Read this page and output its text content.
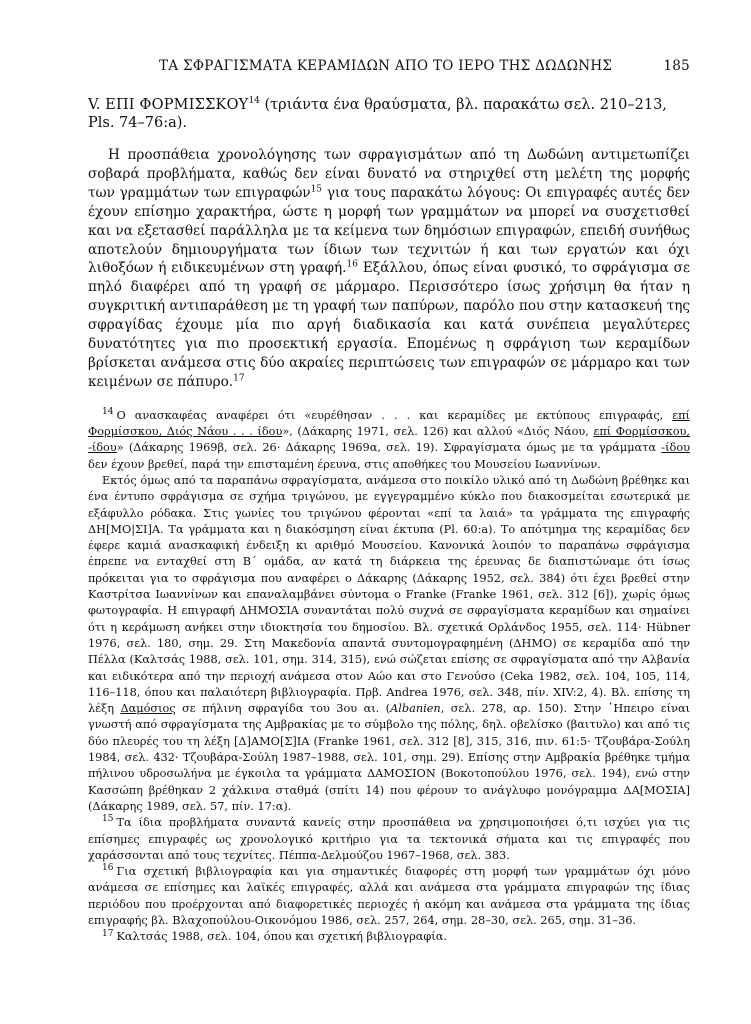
ΤΑ ΣΦΡΑΓΙΣΜΑΤΑ ΚΕΡΑΜΙΔΩΝ ΑΠΟ ΤΟ ΙΕΡΟ ΤΗΣ ΔΩΔΩΝΗΣ	185
V. ΕΠΙ ΦΟΡΜΙΣΣΚΟΥ$^{14}$ (τριάντα ένα θραύσματα, βλ. παρακάτω σελ. 210–213, Pls. 74–76:a).

Η προσπάθεια χρονολόγησης των σφραγισμάτων από τη Δωδώνη αντιμετωπίζει σοβαρά προβλήματα, καθώς δεν είναι δυνατό να στηριχθεί στη μελέτη της μορφής των γραμμάτων των επιγραφών$^{15}$ για τους παρακάτω λόγους: Οι επιγραφές αυτές δεν έχουν επίσημο χαρακτήρα, ώστε η μορφή των γραμμάτων να μπορεί να συσχετισθεί και να εξετασθεί παράλληλα με τα κείμενα των δημόσιων επιγραφών, επειδή συνήθως αποτελούν δημιουργήματα των ίδιων των τεχνιτών ή και των εργατών και όχι λιθοξόων ή ειδικευμένων στη γραφή.$^{16}$ Εξάλλου, όπως είναι φυσικό, το σφράγισμα σε πηλό διαφέρει από τη γραφή σε μάρμαρο. Περισσότερο ίσως χρήσιμη θα ήταν η συγκριτική αντιπαράθεση με τη γραφή των παπύρων, παρόλο που στην κατασκευή της σφραγίδας έχουμε μία πιο αργή διαδικασία και κατά συνέπεια μεγαλύτερες δυνατότητες για πιο προσεκτική εργασία. Επομένως η σφράγιση των κεραμίδων βρίσκεται ανάμεσα στις δύο ακραίες περιπτώσεις των επιγραφών σε μάρμαρο και των κειμένων σε πάπυρο.$^{17}$

$^{14}$ Ο ανασκαφέας αναφέρει ότι «ευρέθησαν . . . και κεραμίδες με εκτύπους επιγραφάς, επί Φορμίσσκου, Διός Νάου . . . ίδου», (Δάκαρης 1971, σελ. 126) και αλλού «Διός Νάου, επί Φορμίσσκου, -ίδου» (Δάκαρης 1969β, σελ. 26· Δάκαρης 1969α, σελ. 19). Σφραγίσματα όμως με τα γράμματα -ίδου δεν έχουν βρεθεί, παρά την επισταμένη έρευνα, στις αποθήκες του Μουσείου Ιωαννίνων.

Εκτός όμως από τα παραπάνω σφραγίσματα, ανάμεσα στο ποικίλο υλικό από τη Δωδώνη βρέθηκε και ένα έντυπο σφράγισμα σε σχήμα τριγώνου, με εγγεγραμμένο κύκλο που διακοσμείται εσωτερικά με εξάφυλλο ρόδακα. Στις γωνίες του τριγώνου φέρονται «επί τα λαιά» τα γράμματα της επιγραφής ΔΗ[ΜΟ|ΣΙ]Α. Τα γράμματα και η διακόσμηση είναι έκτυπα (Pl. 60:a). Το απότμημα της κεραμίδας δεν έφερε καμιά ανασκαφική ένδειξη κι αριθμό Μουσείου. Κανονικά λοιπόν το παραπάνω σφράγισμα έπρεπε να ενταχθεί στη Β΄ ομάδα, αν κατά τη διάρκεια της έρευνας δε διαπιστώναμε ότι ίσως πρόκειται για το σφράγισμα που αναφέρει ο Δάκαρης (Δάκαρης 1952, σελ. 384) ότι έχει βρεθεί στην Καστρίτσα Ιωαννίνων και επαναλαμβάνει σύντομα ο Franke (Franke 1961, σελ. 312 [6]), χωρίς όμως φωτογραφία. Η επιγραφή ΔΗΜΟΣΙΑ συναντάται πολύ συχνά σε σφραγίσματα κεραμίδων και σημαίνει ότι η κεράμωση ανήκει στην ιδιοκτησία του δημοσίου. Βλ. σχετικά Ορλάνδος 1955, σελ. 114· Hübner 1976, σελ. 180, σημ. 29. Στη Μακεδονία απαντά συντομογραφημένη (ΔΗΜΟ) σε κεραμίδα από την Πέλλα (Καλτσάς 1988, σελ. 101, σημ. 314, 315), ενώ σώζεται επίσης σε σφραγίσματα από την Αλβανία και ειδικότερα από την περιοχή ανάμεσα στον Αώο και στο Γενούσο (Ceka 1982, σελ. 104, 105, 114, 116–118, όπου και παλαιότερη βιβλιογραφία. Πρβ. Andrea 1976, σελ. 348, πίν. XIV:2, 4). Βλ. επίσης τη λέξη Δαμόσιος σε πήλινη σφραγίδα του 3ου αι. (Albanien, σελ. 278, αρ. 150). Στην ῾Ηπειρο είναι γνωστή από σφραγίσματα της Αμβρακίας με το σύμβολο της πόλης, δηλ. οβελίσκο (βαιτυλο) και από τις δύο πλευρές του τη λέξη [Δ]ΑΜΟ[Σ]ΙΑ (Franke 1961, σελ. 312 [8], 315, 316, πιν. 61:5· Τζουβάρα-Σούλη 1984, σελ. 432· Τζουβάρα-Σούλη 1987–1988, σελ. 101, σημ. 29). Επίσης στην Αμβρακία βρέθηκε τμήμα πήλινου υδροσωλήνα με έγκοιλα τα γράμματα ΔΑΜΟΣΙΟΝ (Βοκοτοπούλου 1976, σελ. 194), ενώ στην Κασσώπη βρέθηκαν 2 χάλκινα σταθμά (σπίτι 14) που φέρουν το ανάγλυφο μονόγραμμα ΔΑ[ΜΟΣΙΑ] (Δάκαρης 1989, σελ. 57, πίν. 17:α).

$^{15}$ Τα ίδια προβλήματα συναντά κανείς στην προσπάθεια να χρησιμοποιήσει ό,τι ισχύει για τις επίσημες επιγραφές ως χρονολογικό κριτήριο για τα τεκτονικά σήματα και τις επιγραφές που χαράσσονται από τους τεχνίτες. Πέππα-Δελμούζου 1967–1968, σελ. 383.

$^{16}$ Για σχετική βιβλιογραφία και για σημαντικές διαφορές στη μορφή των γραμμάτων όχι μόνο ανάμεσα σε επίσημες και λαϊκές επιγραφές, αλλά και ανάμεσα στα γράμματα επιγραφών της ίδιας περιόδου που προέρχονται από διαφορετικές περιοχές ή ακόμη και ανάμεσα στα γράμματα της ίδιας επιγραφής βλ. Βλαχοπούλου-Οικονόμου 1986, σελ. 257, 264, σημ. 28–30, σελ. 265, σημ. 31–36.

$^{17}$ Καλτσάς 1988, σελ. 104, όπου και σχετική βιβλιογραφία.
